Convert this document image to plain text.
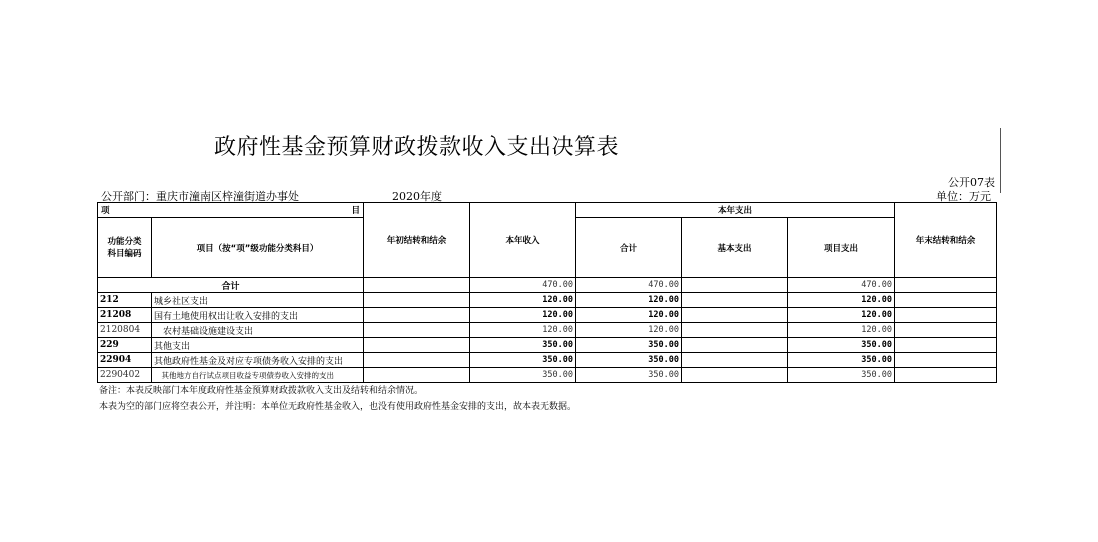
政府性基金预算财政拨款收入支出决算表
公开07表
公开部门：重庆市潼南区梓潼街道办事处	2020年度	单位：万元
项 目		年初结转和结余	本年收入	本年支出			年末结转和结余
功能分类科目编码	项目（按“项”级功能分类科目）			合计	基本支出	项目支出	
合计			470.00	470.00		470.00	
212	城乡社区支出		120.00	120.00		120.00	
21208	国有土地使用权出让收入安排的支出		120.00	120.00		120.00	
2120804	　农村基础设施建设支出		120.00	120.00		120.00	
229	其他支出		350.00	350.00		350.00	
22904	其他政府性基金及对应专项债务收入安排的支出		350.00	350.00		350.00	
2290402	　其他地方自行试点项目收益专项债券收入安排的支出		350.00	350.00		350.00	
备注：本表反映部门本年度政府性基金预算财政拨款收入支出及结转和结余情况。
本表为空的部门应将空表公开，并注明：本单位无政府性基金收入，也没有使用政府性基金安排的支出，故本表无数据。
